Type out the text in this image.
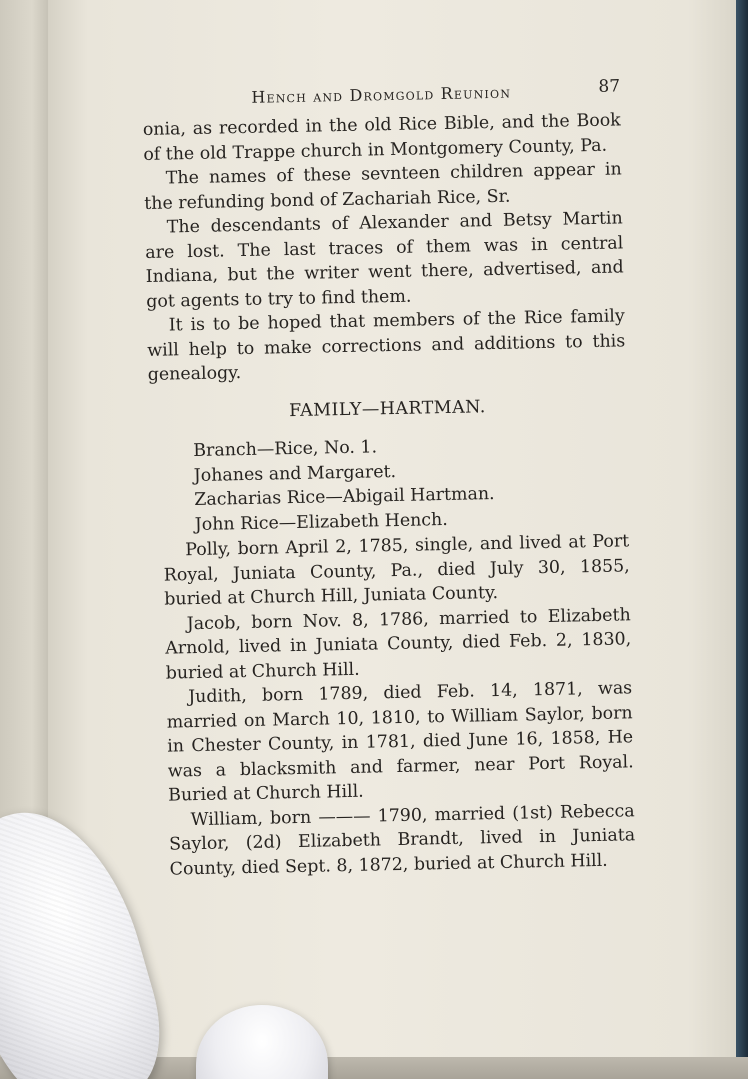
Hench and Dromgold Reunion	87

onia, as recorded in the old Rice Bible, and the Book of the old Trappe church in Montgomery County, Pa.

The names of these sevnteen children appear in the refunding bond of Zachariah Rice, Sr.

The descendants of Alexander and Betsy Martin are lost. The last traces of them was in central Indiana, but the writer went there, advertised, and got agents to try to find them.

It is to be hoped that members of the Rice family will help to make corrections and additions to this genealogy.

FAMILY—HARTMAN.
Branch—Rice, No. 1.
Johanes and Margaret.
Zacharias Rice—Abigail Hartman.
John Rice—Elizabeth Hench.

Polly, born April 2, 1785, single, and lived at Port Royal, Juniata County, Pa., died July 30, 1855, buried at Church Hill, Juniata County.

Jacob, born Nov. 8, 1786, married to Elizabeth Arnold, lived in Juniata County, died Feb. 2, 1830, buried at Church Hill.

Judith, born 1789, died Feb. 14, 1871, was married on March 10, 1810, to William Saylor, born in Chester County, in 1781, died June 16, 1858, He was a blacksmith and farmer, near Port Royal. Buried at Church Hill.

William, born ——— 1790, married (1st) Rebecca Saylor, (2d) Elizabeth Brandt, lived in Juniata County, died Sept. 8, 1872, buried at Church Hill.
